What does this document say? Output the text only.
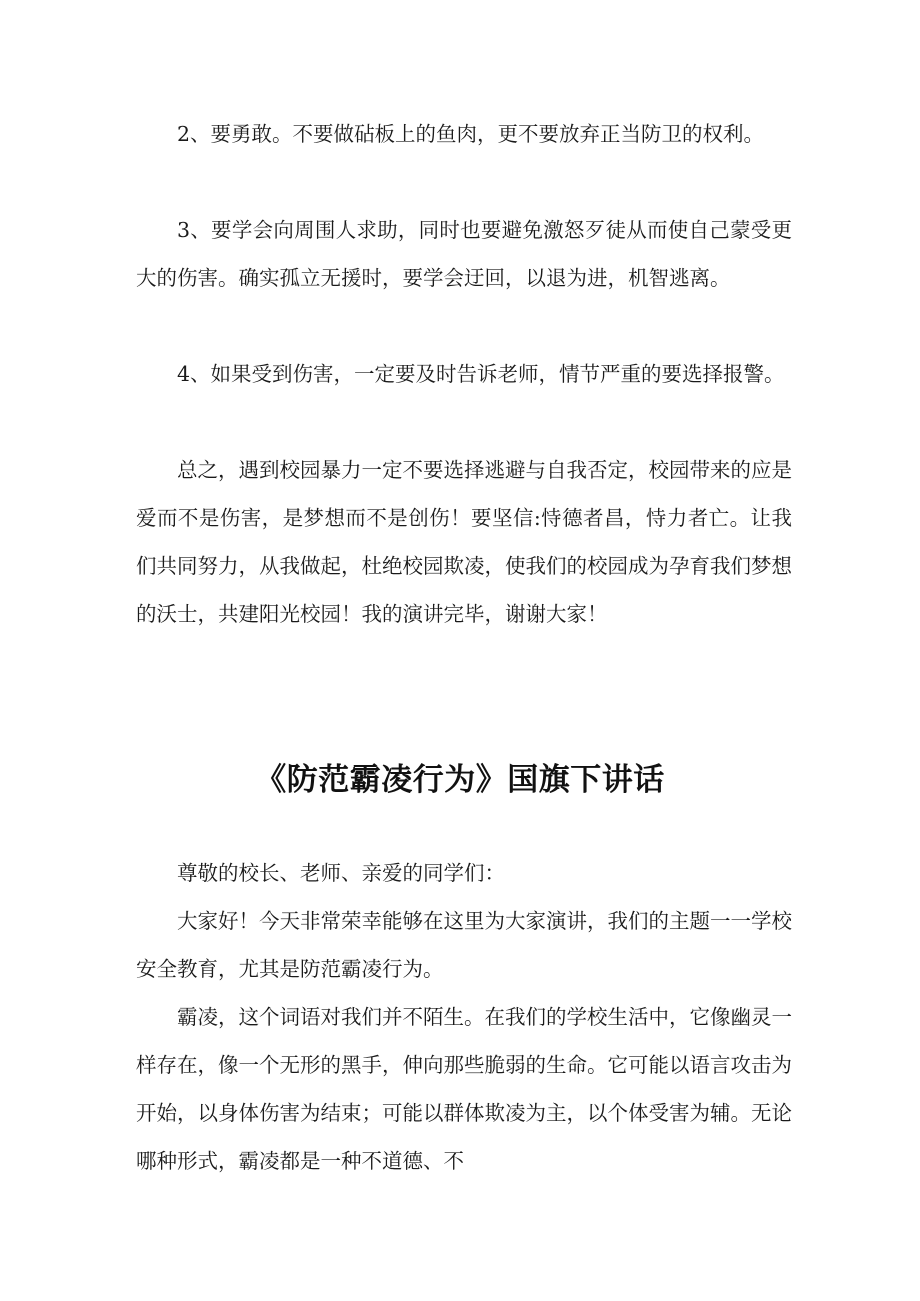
2、要勇敢。不要做砧板上的鱼肉，更不要放弃正当防卫的权利。

3、要学会向周围人求助，同时也要避免激怒歹徒从而使自己蒙受更大的伤害。确实孤立无援时，要学会迂回，以退为进，机智逃离。

4、如果受到伤害，一定要及时告诉老师，情节严重的要选择报警。

总之，遇到校园暴力一定不要选择逃避与自我否定，校园带来的应是爱而不是伤害，是梦想而不是创伤！要坚信:恃德者昌，恃力者亡。让我们共同努力，从我做起，杜绝校园欺凌，使我们的校园成为孕育我们梦想的沃士，共建阳光校园！我的演讲完毕，谢谢大家！

《防范霸凌行为》国旗下讲话

尊敬的校长、老师、亲爱的同学们：

大家好！今天非常荣幸能够在这里为大家演讲，我们的主题一一学校安全教育，尤其是防范霸凌行为。

霸凌，这个词语对我们并不陌生。在我们的学校生活中，它像幽灵一样存在，像一个无形的黑手，伸向那些脆弱的生命。它可能以语言攻击为开始，以身体伤害为结束；可能以群体欺凌为主，以个体受害为辅。无论哪种形式，霸凌都是一种不道德、不
